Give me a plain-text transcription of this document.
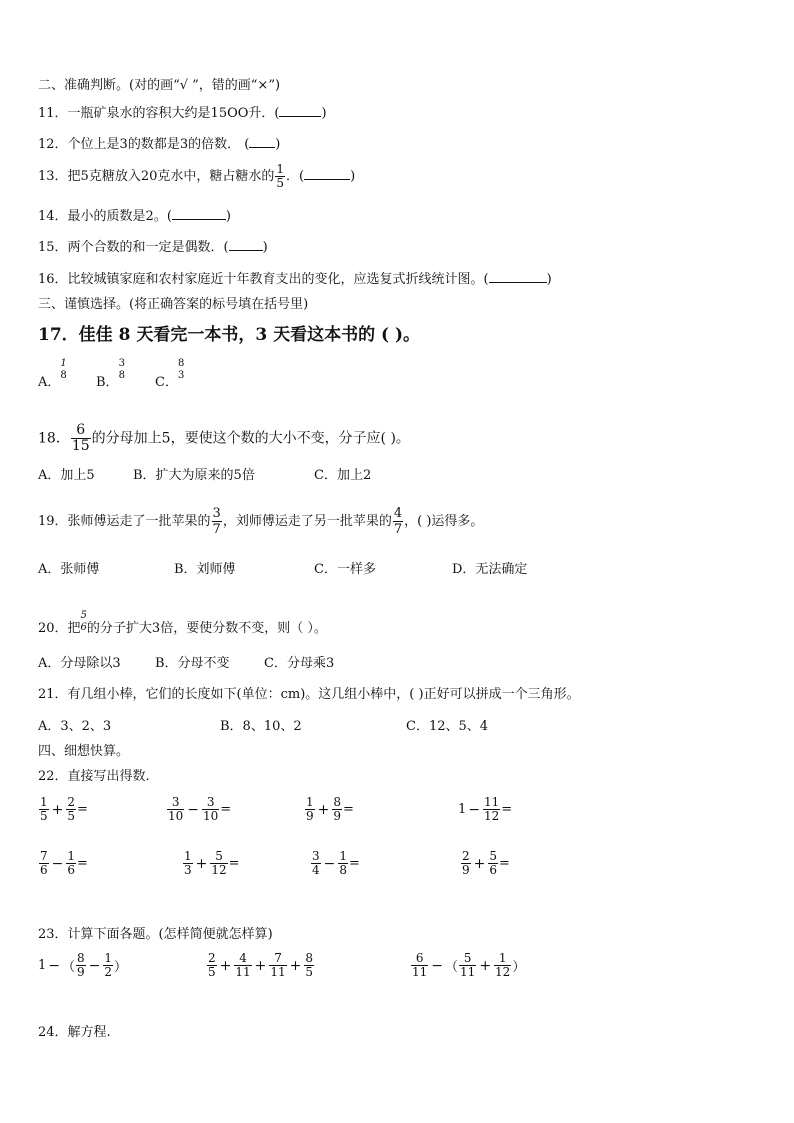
二、准确判断。(对的画“√ ”，错的画“×”)
11．一瓶矿泉水的容积大约是15OO升．(	)
12．个位上是3的数都是3的倍数． ( )
13．把5克糖放入20克水中，糖占糖水的 $\frac{1}{5}$ ．(	)
14．最小的质数是2。(	)
15．两个合数的和一定是偶数．(	)
16．比较城镇家庭和农村家庭近十年教育支出的变化，应选复式折线统计图。(	)
三、谨慎选择。(将正确答案的标号填在括号里)
17．佳佳 8 天看完一本书，3 天看这本书的 ( )。
A．
1
8 B．
3
8 C．
8
3
18． $\frac{6}{15}$ 的分母加上5，要使这个数的大小不变，分子应( )。
A．加上5	B．扩大为原来的5倍	C．加上2
19．张师傅运走了一批苹果的 $\frac{3}{7}$ ，刘师傅运走了另一批苹果的 $\frac{4}{7}$ ，( )运得多。
A．张师傅	B．刘师傅	C．一样多	D．无法确定
20．把
5
6 的分子扩大3倍，要使分数不变，则（ ）。
A．分母除以3	B．分母不变	C．分母乘3
21．有几组小棒，它们的长度如下(单位：cm)。这几组小棒中，( )正好可以拼成一个三角形。
A．3、2、3	B．8、10、2	C．12、5、4
四、细想快算。
22．直接写出得数.
$\frac{1}{5} + \frac{2}{5}$ =	$\frac{3}{10} - \frac{3}{10}$ =	$\frac{1}{9} + \frac{8}{9}$ =	$1 - \frac{11}{12}$ =
$\frac{7}{6} - \frac{1}{6}$ =	$\frac{1}{3} + \frac{5}{12}$ =	$\frac{3}{4} - \frac{1}{8}$ =	$\frac{2}{9} + \frac{5}{6}$ =
23．计算下面各题。(怎样简便就怎样算)
1 − （ $\frac{8}{9} - \frac{1}{2}$ ）	$\frac{2}{5} + \frac{4}{11} + \frac{7}{11} + \frac{8}{5}$	$\frac{6}{11}$ − （ $\frac{5}{11} + \frac{1}{12}$ ）
24．解方程.
